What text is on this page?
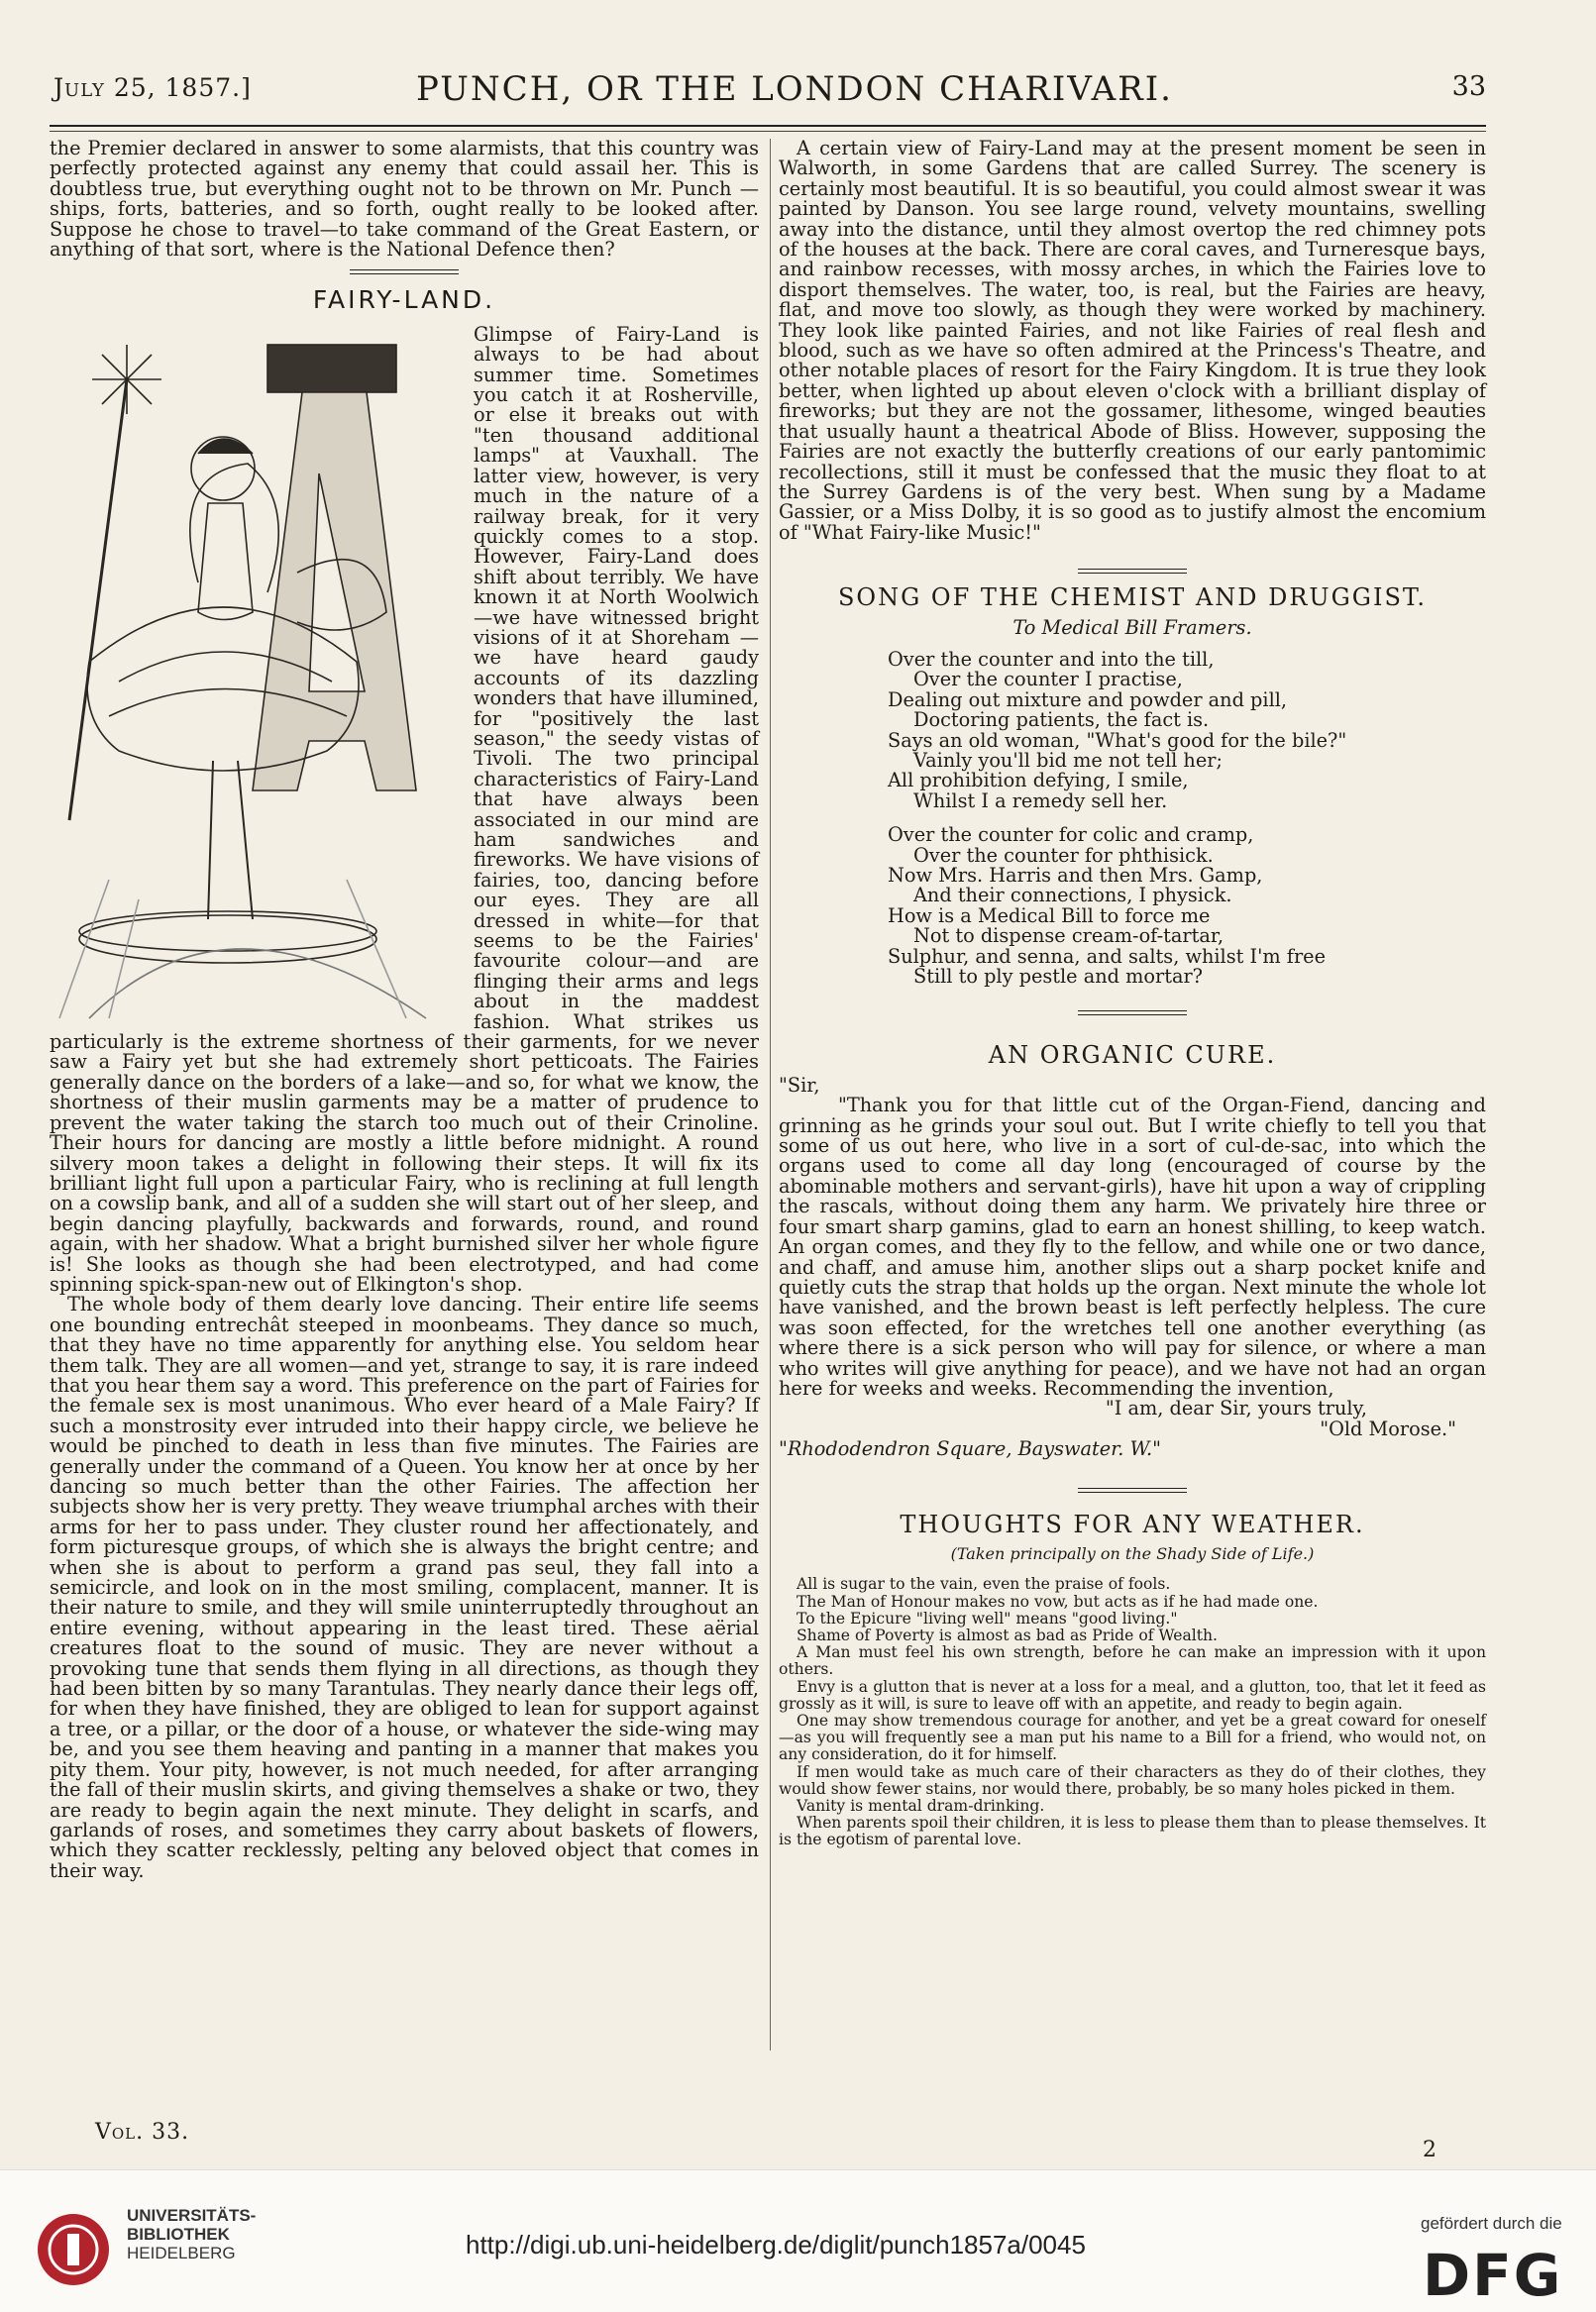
July 25, 1857.]	PUNCH, OR THE LONDON CHARIVARI.	33

the Premier declared in answer to some alarmists, that this country was perfectly protected against any enemy that could assail her. This is doubtless true, but everything ought not to be thrown on Mr. Punch —ships, forts, batteries, and so forth, ought really to be looked after. Suppose he chose to travel—to take command of the Great Eastern, or anything of that sort, where is the National Defence then?

FAIRY-LAND.

Glimpse of Fairy-Land is always to be had about summer time. Sometimes you catch it at Rosherville, or else it breaks out with "ten thousand additional lamps" at Vauxhall. The latter view, however, is very much in the nature of a railway break, for it very quickly comes to a stop. However, Fairy-Land does shift about terribly. We have known it at North Woolwich—we have witnessed bright visions of it at Shoreham — we have heard gaudy accounts of its dazzling wonders that have illumined, for "positively the last season," the seedy vistas of Tivoli. The two principal characteristics of Fairy-Land that have always been associated in our mind are ham sandwiches and fireworks. We have visions of fairies, too, dancing before our eyes. They are all dressed in white—for that seems to be the Fairies' favourite colour—and are flinging their arms and legs about in the maddest fashion. What strikes us particularly is the extreme shortness of their garments, for we never saw a Fairy yet but she had extremely short petticoats. The Fairies generally dance on the borders of a lake—and so, for what we know, the shortness of their muslin garments may be a matter of prudence to prevent the water taking the starch too much out of their Crinoline. Their hours for dancing are mostly a little before midnight. A round silvery moon takes a delight in following their steps. It will fix its brilliant light full upon a particular Fairy, who is reclining at full length on a cowslip bank, and all of a sudden she will start out of her sleep, and begin dancing playfully, backwards and forwards, round, and round again, with her shadow. What a bright burnished silver her whole figure is! She looks as though she had been electrotyped, and had come spinning spick-span-new out of Elkington's shop.

The whole body of them dearly love dancing. Their entire life seems one bounding entrechât steeped in moonbeams. They dance so much, that they have no time apparently for anything else. You seldom hear them talk. They are all women—and yet, strange to say, it is rare indeed that you hear them say a word. This preference on the part of Fairies for the female sex is most unanimous. Who ever heard of a Male Fairy? If such a monstrosity ever intruded into their happy circle, we believe he would be pinched to death in less than five minutes. The Fairies are generally under the command of a Queen. You know her at once by her dancing so much better than the other Fairies. The affection her subjects show her is very pretty. They weave triumphal arches with their arms for her to pass under. They cluster round her affectionately, and form picturesque groups, of which she is always the bright centre; and when she is about to perform a grand pas seul, they fall into a semicircle, and look on in the most smiling, complacent, manner. It is their nature to smile, and they will smile uninterruptedly throughout an entire evening, without appearing in the least tired. These aërial creatures float to the sound of music. They are never without a provoking tune that sends them flying in all directions, as though they had been bitten by so many Tarantulas. They nearly dance their legs off, for when they have finished, they are obliged to lean for support against a tree, or a pillar, or the door of a house, or whatever the side-wing may be, and you see them heaving and panting in a manner that makes you pity them. Your pity, however, is not much needed, for after arranging the fall of their muslin skirts, and giving themselves a shake or two, they are ready to begin again the next minute. They delight in scarfs, and garlands of roses, and sometimes they carry about baskets of flowers, which they scatter recklessly, pelting any beloved object that comes in their way.

A certain view of Fairy-Land may at the present moment be seen in Walworth, in some Gardens that are called Surrey. The scenery is certainly most beautiful. It is so beautiful, you could almost swear it was painted by Danson. You see large round, velvety mountains, swelling away into the distance, until they almost overtop the red chimney pots of the houses at the back. There are coral caves, and Turneresque bays, and rainbow recesses, with mossy arches, in which the Fairies love to disport themselves. The water, too, is real, but the Fairies are heavy, flat, and move too slowly, as though they were worked by machinery. They look like painted Fairies, and not like Fairies of real flesh and blood, such as we have so often admired at the Princess's Theatre, and other notable places of resort for the Fairy Kingdom. It is true they look better, when lighted up about eleven o'clock with a brilliant display of fireworks; but they are not the gossamer, lithesome, winged beauties that usually haunt a theatrical Abode of Bliss. However, supposing the Fairies are not exactly the butterfly creations of our early pantomimic recollections, still it must be confessed that the music they float to at the Surrey Gardens is of the very best. When sung by a Madame Gassier, or a Miss Dolby, it is so good as to justify almost the encomium of "What Fairy-like Music!"

SONG OF THE CHEMIST AND DRUGGIST.
To Medical Bill Framers.
Over the counter and into the till,
Over the counter I practise,
Dealing out mixture and powder and pill,
Doctoring patients, the fact is.
Says an old woman, "What's good for the bile?"
Vainly you'll bid me not tell her;
All prohibition defying, I smile,
Whilst I a remedy sell her.
Over the counter for colic and cramp,
Over the counter for phthisick.
Now Mrs. Harris and then Mrs. Gamp,
And their connections, I physick.
How is a Medical Bill to force me
Not to dispense cream-of-tartar,
Sulphur, and senna, and salts, whilst I'm free
Still to ply pestle and mortar?
AN ORGANIC CURE.

"Sir,

"Thank you for that little cut of the Organ-Fiend, dancing and grinning as he grinds your soul out. But I write chiefly to tell you that some of us out here, who live in a sort of cul-de-sac, into which the organs used to come all day long (encouraged of course by the abominable mothers and servant-girls), have hit upon a way of crippling the rascals, without doing them any harm. We privately hire three or four smart sharp gamins, glad to earn an honest shilling, to keep watch. An organ comes, and they fly to the fellow, and while one or two dance, and chaff, and amuse him, another slips out a sharp pocket knife and quietly cuts the strap that holds up the organ. Next minute the whole lot have vanished, and the brown beast is left perfectly helpless. The cure was soon effected, for the wretches tell one another everything (as where there is a sick person who will pay for silence, or where a man who writes will give anything for peace), and we have not had an organ here for weeks and weeks. Recommending the invention,

"I am, dear Sir, yours truly,

"Old Morose."

"Rhododendron Square, Bayswater. W."

THOUGHTS FOR ANY WEATHER.
(Taken principally on the Shady Side of Life.)

All is sugar to the vain, even the praise of fools.

The Man of Honour makes no vow, but acts as if he had made one.

To the Epicure "living well" means "good living."

Shame of Poverty is almost as bad as Pride of Wealth.

A Man must feel his own strength, before he can make an impression with it upon others.

Envy is a glutton that is never at a loss for a meal, and a glutton, too, that let it feed as grossly as it will, is sure to leave off with an appetite, and ready to begin again.

One may show tremendous courage for another, and yet be a great coward for oneself—as you will frequently see a man put his name to a Bill for a friend, who would not, on any consideration, do it for himself.

If men would take as much care of their characters as they do of their clothes, they would show fewer stains, nor would there, probably, be so many holes picked in them.

Vanity is mental dram-drinking.

When parents spoil their children, it is less to please them than to please themselves. It is the egotism of parental love.

Vol. 33.
2
UNIVERSITÄTS-
BIBLIOTHEK
HEIDELBERG	http://digi.ub.uni-heidelberg.de/diglit/punch1857a/0045
gefördert durch die
DFG
